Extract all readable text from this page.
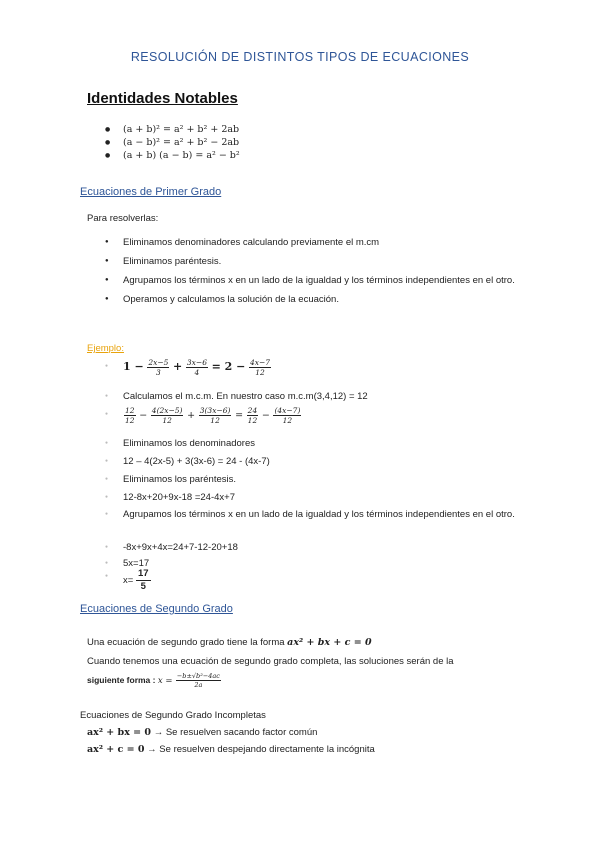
RESOLUCIÓN DE DISTINTOS TIPOS DE ECUACIONES
Identidades Notables
● (a + b)² = a² + b² + 2ab
● (a − b)² = a² + b² − 2ab
● (a + b) (a − b) = a² − b²
Ecuaciones de Primer Grado
Para resolverlas:
● Eliminamos denominadores calculando previamente el m.cm
● Eliminamos paréntesis.
● Agrupamos los términos x en un lado de la igualdad y los términos independientes en el otro.
● Operamos y calculamos la solución de la ecuación.
Ejemplo:
● $1 - \frac{2x-5}{3} + \frac{3x-6}{4} = 2 - \frac{4x-7}{12}$
● Calculamos el m.c.m. En nuestro caso m.c.m(3,4,12) = 12
● $\frac{12}{12} - \frac{4(2x-5)}{12} + \frac{3(3x-6)}{12} = \frac{24}{12} - \frac{(4x-7)}{12}$
● Eliminamos los denominadores
● 12 – 4(2x-5) + 3(3x-6) = 24 - (4x-7)
● Eliminamos los paréntesis.
● 12-8x+20+9x-18 =24-4x+7
● Agrupamos los términos x en un lado de la igualdad y los términos independientes en el otro.
● -8x+9x+4x=24+7-12-20+18
● 5x=17
● $x= \frac{17}{5}$
Ecuaciones de Segundo Grado
Una ecuación de segundo grado tiene la forma ax² + bx + c = 0
Cuando tenemos una ecuación de segundo grado completa, las soluciones serán de la
siguiente forma : $x = \frac{\text{−b±√b²−4ac}}{2a}$
Ecuaciones de Segundo Grado Incompletas
ax² + bx = 0 → Se resuelven sacando factor común
ax² + c = 0 → Se resuelven despejando directamente la incógnita
